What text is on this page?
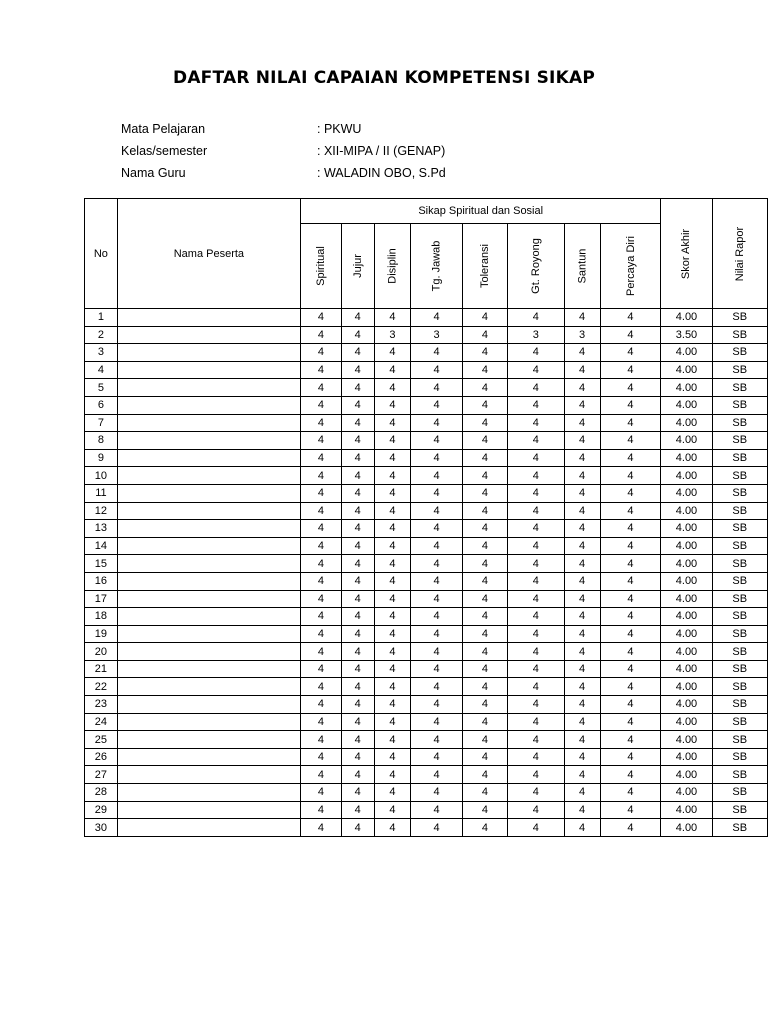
DAFTAR NILAI CAPAIAN KOMPETENSI SIKAP
Mata Pelajaran	: PKWU
Kelas/semester	: XII-MIPA / II (GENAP)
Nama Guru	: WALADIN OBO, S.Pd
No	Nama Peserta	Sikap Spiritual dan Sosial								Skor Akhir	Nilai Rapor
		Spiritual	Jujur	Disiplin	Tg. Jawab	Toleransi	Gt. Royong	Santun	Percaya Diri		
1		4	4	4	4	4	4	4	4	4.00	SB
2		4	4	3	3	4	3	3	4	3.50	SB
3		4	4	4	4	4	4	4	4	4.00	SB
4		4	4	4	4	4	4	4	4	4.00	SB
5		4	4	4	4	4	4	4	4	4.00	SB
6		4	4	4	4	4	4	4	4	4.00	SB
7		4	4	4	4	4	4	4	4	4.00	SB
8		4	4	4	4	4	4	4	4	4.00	SB
9		4	4	4	4	4	4	4	4	4.00	SB
10		4	4	4	4	4	4	4	4	4.00	SB
11		4	4	4	4	4	4	4	4	4.00	SB
12		4	4	4	4	4	4	4	4	4.00	SB
13		4	4	4	4	4	4	4	4	4.00	SB
14		4	4	4	4	4	4	4	4	4.00	SB
15		4	4	4	4	4	4	4	4	4.00	SB
16		4	4	4	4	4	4	4	4	4.00	SB
17		4	4	4	4	4	4	4	4	4.00	SB
18		4	4	4	4	4	4	4	4	4.00	SB
19		4	4	4	4	4	4	4	4	4.00	SB
20		4	4	4	4	4	4	4	4	4.00	SB
21		4	4	4	4	4	4	4	4	4.00	SB
22		4	4	4	4	4	4	4	4	4.00	SB
23		4	4	4	4	4	4	4	4	4.00	SB
24		4	4	4	4	4	4	4	4	4.00	SB
25		4	4	4	4	4	4	4	4	4.00	SB
26		4	4	4	4	4	4	4	4	4.00	SB
27		4	4	4	4	4	4	4	4	4.00	SB
28		4	4	4	4	4	4	4	4	4.00	SB
29		4	4	4	4	4	4	4	4	4.00	SB
30		4	4	4	4	4	4	4	4	4.00	SB
